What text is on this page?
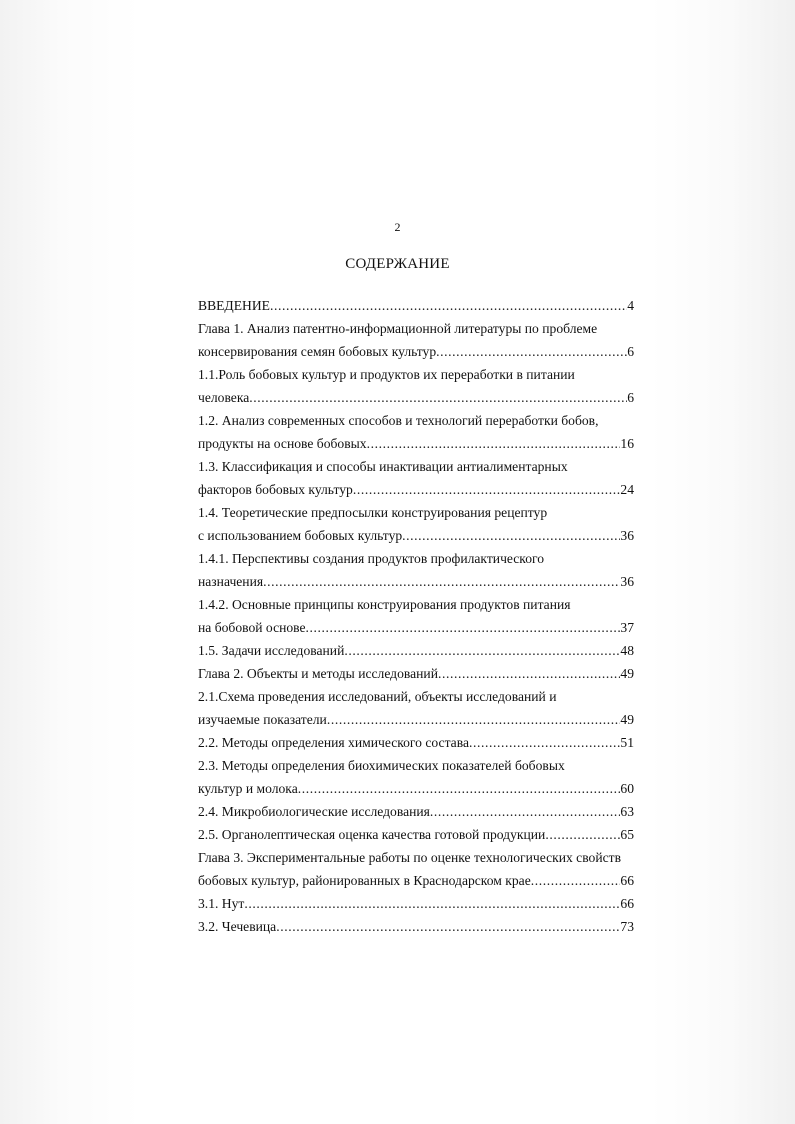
2
СОДЕРЖАНИЕ
ВВЕДЕНИЕ .....	4
Глава 1. Анализ патентно-информационной литературы по проблеме
консервирования семян бобовых культур .....	6
1.1.Роль бобовых культур и продуктов их переработки в питании
человека .....	6
1.2. Анализ современных способов и технологий переработки бобов,
продукты на основе бобовых .....	16
1.3. Классификация и способы инактивации антиалиментарных
факторов бобовых культур .....	24
1.4. Теоретические предпосылки конструирования рецептур
с использованием бобовых культур .....	36
1.4.1. Перспективы создания продуктов профилактического
назначения .....	36
1.4.2. Основные принципы конструирования продуктов питания
на бобовой основе .....	37
1.5. Задачи исследований .....	48
Глава 2. Объекты и методы исследований .....	49
2.1.Схема проведения исследований, объекты исследований и
изучаемые показатели .....	49
2.2. Методы определения химического состава .....	51
2.3. Методы определения биохимических показателей бобовых
культур и молока .....	60
2.4. Микробиологические исследования .....	63
2.5. Органолептическая оценка качества готовой продукции .....	65
Глава 3. Экспериментальные работы по оценке технологических свойств
бобовых культур, районированных в Краснодарском крае .....	66
3.1. Нут .....	66
3.2. Чечевица .....	73
